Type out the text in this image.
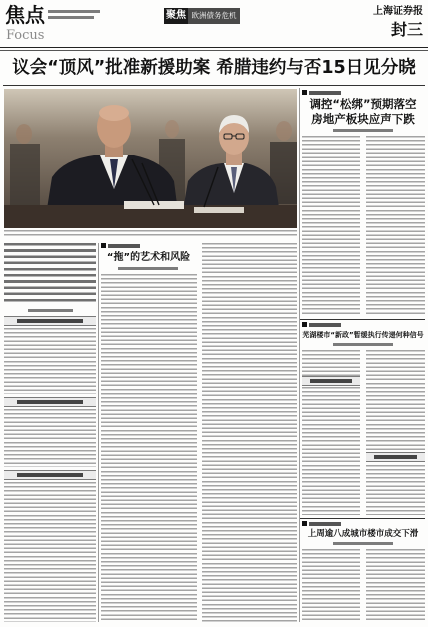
焦点
Focus
聚焦 欧洲债务危机	上海证券报
封三
议会“顶风”批准新援助案 希腊违约与否15日见分晓
“拖”的艺术和风险
调控“松绑”预期落空
房地产板块应声下跌
芜湖楼市“新政”暂缓执行传递何种信号
上周逾八成城市楼市成交下滑
